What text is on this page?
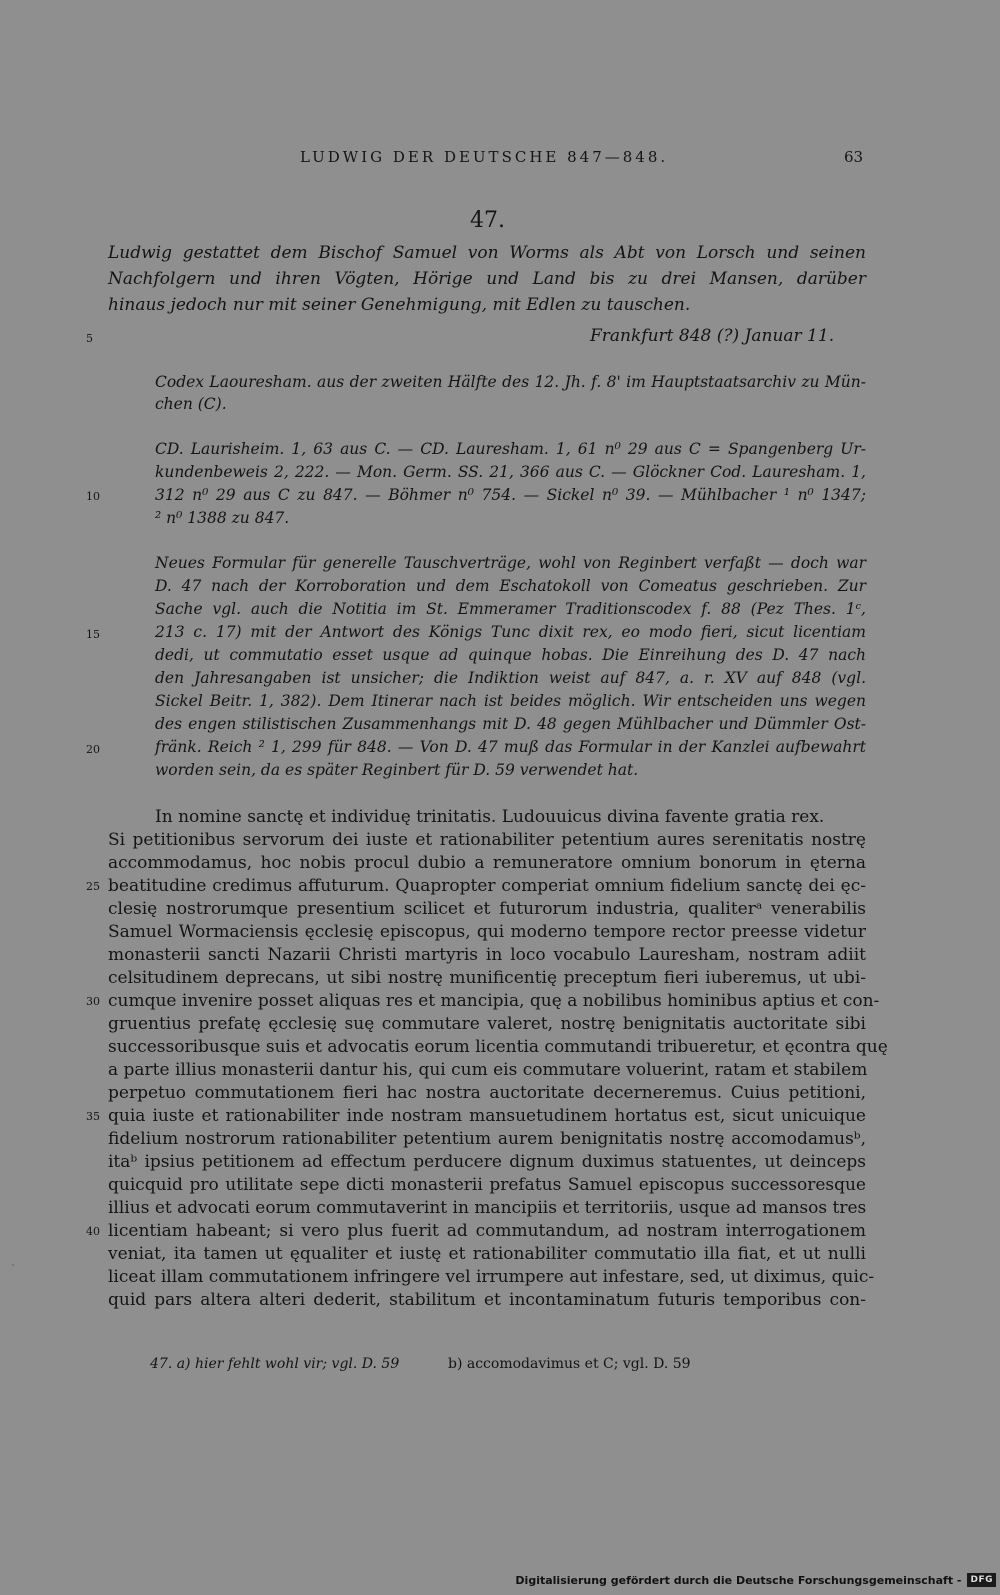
LUDWIG DER DEUTSCHE 847—848.	63
47.
Ludwig gestattet dem Bischof Samuel von Worms als Abt von Lorsch und seinen
Nachfolgern und ihren Vögten, Hörige und Land bis zu drei Mansen, darüber
hinaus jedoch nur mit seiner Genehmigung, mit Edlen zu tauschen.
Frankfurt 848 (?) Januar 11.
Codex Laouresham. aus der zweiten Hälfte des 12. Jh. f. 8' im Hauptstaatsarchiv zu Mün-
chen (C).
CD. Laurisheim. 1, 63 aus C. — CD. Lauresham. 1, 61 n⁰ 29 aus C = Spangenberg Ur-
kundenbeweis 2, 222. — Mon. Germ. SS. 21, 366 aus C. — Glöckner Cod. Lauresham. 1,
312 n⁰ 29 aus C zu 847. — Böhmer n⁰ 754. — Sickel n⁰ 39. — Mühlbacher ¹ n⁰ 1347;
² n⁰ 1388 zu 847.
Neues Formular für generelle Tauschverträge, wohl von Reginbert verfaßt — doch war
D. 47 nach der Korroboration und dem Eschatokoll von Comeatus geschrieben. Zur
Sache vgl. auch die Notitia im St. Emmeramer Traditionscodex f. 88 (Pez Thes. 1ᶜ,
213 c. 17) mit der Antwort des Königs Tunc dixit rex, eo modo fieri, sicut licentiam
dedi, ut commutatio esset usque ad quinque hobas. Die Einreihung des D. 47 nach
den Jahresangaben ist unsicher; die Indiktion weist auf 847, a. r. XV auf 848 (vgl.
Sickel Beitr. 1, 382). Dem Itinerar nach ist beides möglich. Wir entscheiden uns wegen
des engen stilistischen Zusammenhangs mit D. 48 gegen Mühlbacher und Dümmler Ost-
fränk. Reich ² 1, 299 für 848. — Von D. 47 muß das Formular in der Kanzlei aufbewahrt
worden sein, da es später Reginbert für D. 59 verwendet hat.
In nomine sanctę et individuę trinitatis. Ludouuicus divina favente gratia rex.
Si petitionibus servorum dei iuste et rationabiliter petentium aures serenitatis nostrę
accommodamus, hoc nobis procul dubio a remuneratore omnium bonorum in ęterna
beatitudine credimus affuturum. Quapropter comperiat omnium fidelium sanctę dei ęc-
clesię nostrorumque presentium scilicet et futurorum industria, qualiterᵃ venerabilis
Samuel Wormaciensis ęcclesię episcopus, qui moderno tempore rector preesse videtur
monasterii sancti Nazarii Christi martyris in loco vocabulo Lauresham, nostram adiit
celsitudinem deprecans, ut sibi nostrę munificentię preceptum fieri iuberemus, ut ubi-
cumque invenire posset aliquas res et mancipia, quę a nobilibus hominibus aptius et con-
gruentius prefatę ęcclesię suę commutare valeret, nostrę benignitatis auctoritate sibi
successoribusque suis et advocatis eorum licentia commutandi tribueretur, et ęcontra quę
a parte illius monasterii dantur his, qui cum eis commutare voluerint, ratam et stabilem
perpetuo commutationem fieri hac nostra auctoritate decerneremus. Cuius petitioni,
quia iuste et rationabiliter inde nostram mansuetudinem hortatus est, sicut unicuique
fidelium nostrorum rationabiliter petentium aurem benignitatis nostrę accomodamusᵇ,
itaᵇ ipsius petitionem ad effectum perducere dignum duximus statuentes, ut deinceps
quicquid pro utilitate sepe dicti monasterii prefatus Samuel episcopus successoresque
illius et advocati eorum commutaverint in mancipiis et territoriis, usque ad mansos tres
licentiam habeant; si vero plus fuerit ad commutandum, ad nostram interrogationem
veniat, ita tamen ut ęqualiter et iustę et rationabiliter commutatio illa fiat, et ut nulli
liceat illam commutationem infringere vel irrumpere aut infestare, sed, ut diximus, quic-
quid pars altera alteri dederit, stabilitum et incontaminatum futuris temporibus con-
47. a) hier fehlt wohl vir; vgl. D. 59	b) accomodavimus et C; vgl. D. 59
5
10
15
20
25
30
35
40
Digitalisierung gefördert durch die Deutsche Forschungsgemeinschaft -	DFG
